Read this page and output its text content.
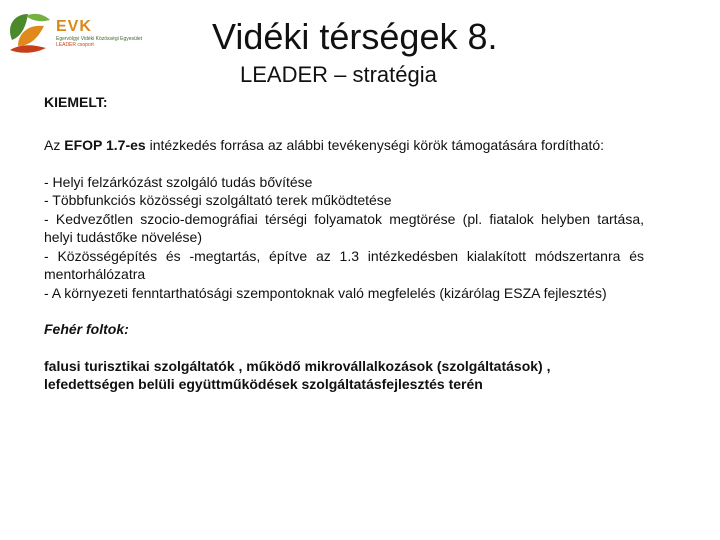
EVK
Egervölgyi Vidéki Közösségi Egyesület
LEADER csoport	Vidéki térségek 8.
LEADER – stratégia
KIEMELT:

Az EFOP 1.7-es intézkedés forrása az alábbi tevékenységi körök támogatására fordítható:

- Helyi felzárkózást szolgáló tudás bővítése

- Többfunkciós közösségi szolgáltató terek működtetése

- Kedvezőtlen szocio-demográfiai térségi folyamatok megtörése (pl. fiatalok helyben tartása, helyi tudástőke növelése)

- Közösségépítés és -megtartás, építve az 1.3 intézkedésben kialakított módszertanra és mentorhálózatra

- A környezeti fenntarthatósági szempontoknak való megfelelés (kizárólag ESZA fejlesztés)

Fehér foltok:

falusi turisztikai szolgáltatók , működő mikrovállalkozások (szolgáltatások) , lefedettségen belüli együttműködések szolgáltatásfejlesztés terén
